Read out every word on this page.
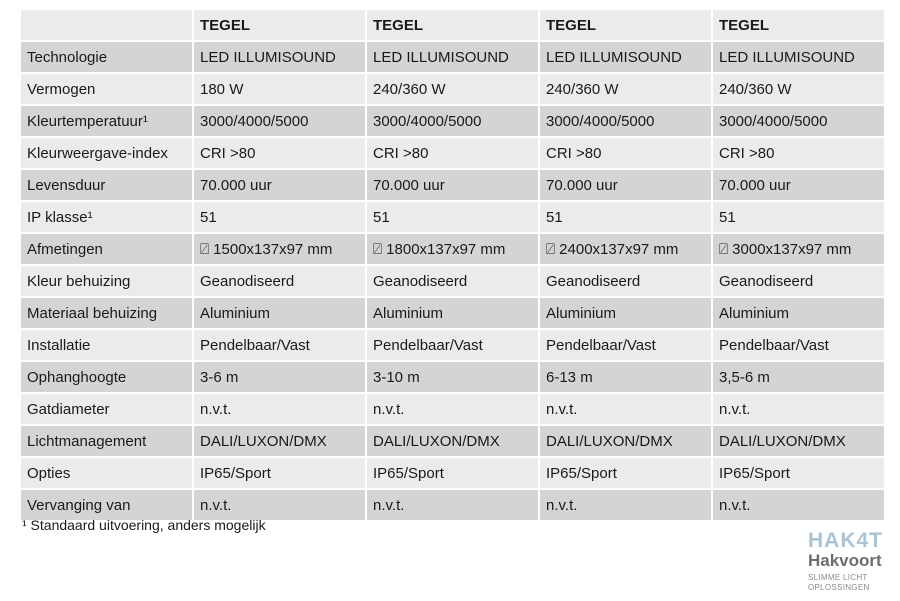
	TEGEL	TEGEL	TEGEL	TEGEL
Technologie	LED ILLUMISOUND	LED ILLUMISOUND	LED ILLUMISOUND	LED ILLUMISOUND
Vermogen	180 W	240/360 W	240/360 W	240/360 W
Kleurtemperatuur¹	3000/4000/5000	3000/4000/5000	3000/4000/5000	3000/4000/5000
Kleurweergave-index	CRI >80	CRI >80	CRI >80	CRI >80
Levensduur	70.000 uur	70.000 uur	70.000 uur	70.000 uur
IP klasse¹	51	51	51	51
Afmetingen	⍁ 1500x137x97 mm	⍁ 1800x137x97 mm	⍁ 2400x137x97 mm	⍁ 3000x137x97 mm
Kleur behuizing	Geanodiseerd	Geanodiseerd	Geanodiseerd	Geanodiseerd
Materiaal behuizing	Aluminium	Aluminium	Aluminium	Aluminium
Installatie	Pendelbaar/Vast	Pendelbaar/Vast	Pendelbaar/Vast	Pendelbaar/Vast
Ophanghoogte	3-6 m	3-10 m	6-13 m	3,5-6 m
Gatdiameter	n.v.t.	n.v.t.	n.v.t.	n.v.t.
Lichtmanagement	DALI/LUXON/DMX	DALI/LUXON/DMX	DALI/LUXON/DMX	DALI/LUXON/DMX
Opties	IP65/Sport	IP65/Sport	IP65/Sport	IP65/Sport
Vervanging van	n.v.t.	n.v.t.	n.v.t.	n.v.t.
¹ Standaard uitvoering, anders mogelijk
HAK4T
Hakvoort
SLIMME LICHT
OPLOSSINGEN
